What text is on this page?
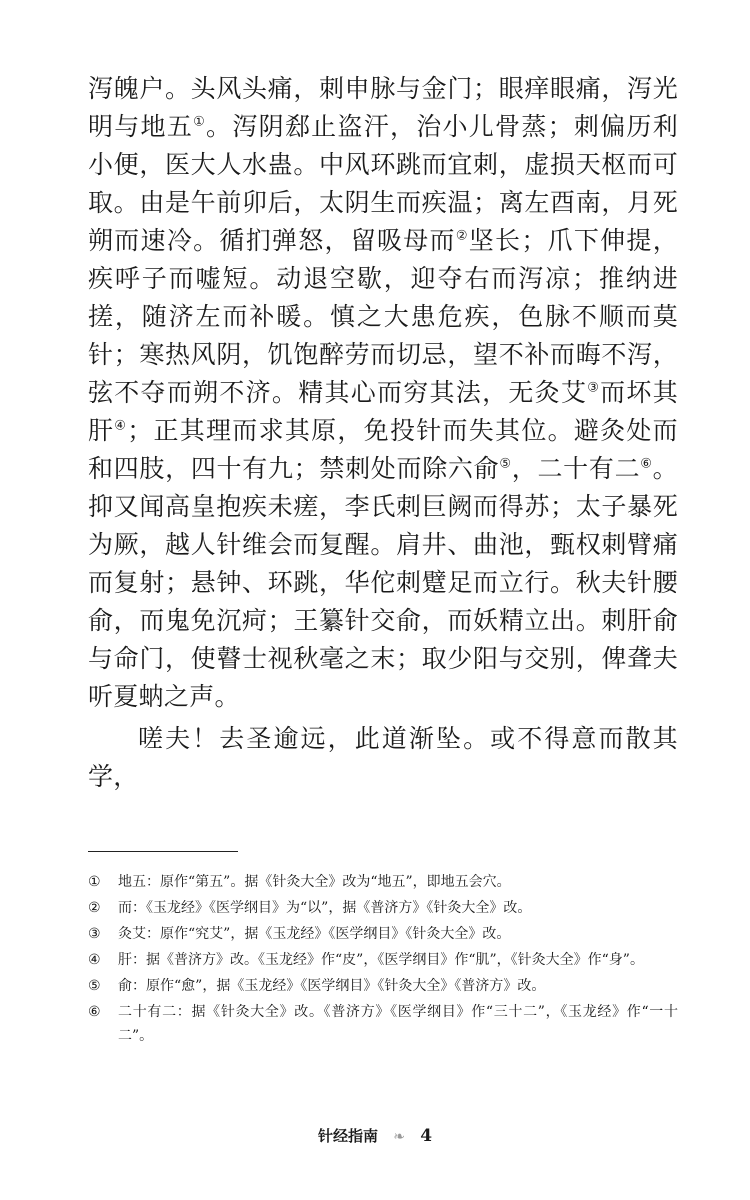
泻魄户。头风头痛，刺申脉与金门；眼痒眼痛，泻光明与地五①。泻阴郄止盗汗，治小儿骨蒸；刺偏历利小便，医大人水蛊。中风环跳而宜刺，虚损天枢而可取。由是午前卯后，太阴生而疾温；离左酉南，月死朔而速冷。循扪弹怒，留吸母而②坚长；爪下伸提，疾呼子而嘘短。动退空歇，迎夺右而泻凉；推纳进搓，随济左而补暖。慎之大患危疾，色脉不顺而莫针；寒热风阴，饥饱醉劳而切忌，望不补而晦不泻，弦不夺而朔不济。精其心而穷其法，无灸艾③而坏其肝④；正其理而求其原，免投针而失其位。避灸处而和四肢，四十有九；禁刺处而除六俞⑤，二十有二⑥。抑又闻高皇抱疾未瘥，李氏刺巨阙而得苏；太子暴死为厥，越人针维会而复醒。肩井、曲池，甄权刺臂痛而复射；悬钟、环跳，华佗刺躄足而立行。秋夫针腰俞，而鬼免沉疴；王纂针交俞，而妖精立出。刺肝俞与命门，使瞽士视秋毫之末；取少阳与交别，俾聋夫听夏蚋之声。

嗟夫！去圣逾远，此道渐坠。或不得意而散其学，

①	地五：原作“第五”。据《针灸大全》改为“地五”，即地五会穴。
②	而：《玉龙经》《医学纲目》为“以”，据《普济方》《针灸大全》改。
③	灸艾：原作“究艾”，据《玉龙经》《医学纲目》《针灸大全》改。
④	肝：据《普济方》改。《玉龙经》作“皮”，《医学纲目》作“肌”，《针灸大全》作“身”。
⑤	俞：原作“愈”，据《玉龙经》《医学纲目》《针灸大全》《普济方》改。
⑥	二十有二：据《针灸大全》改。《普济方》《医学纲目》作“三十二”，《玉龙经》作“一十二”。
针经指南 ❧ 4
